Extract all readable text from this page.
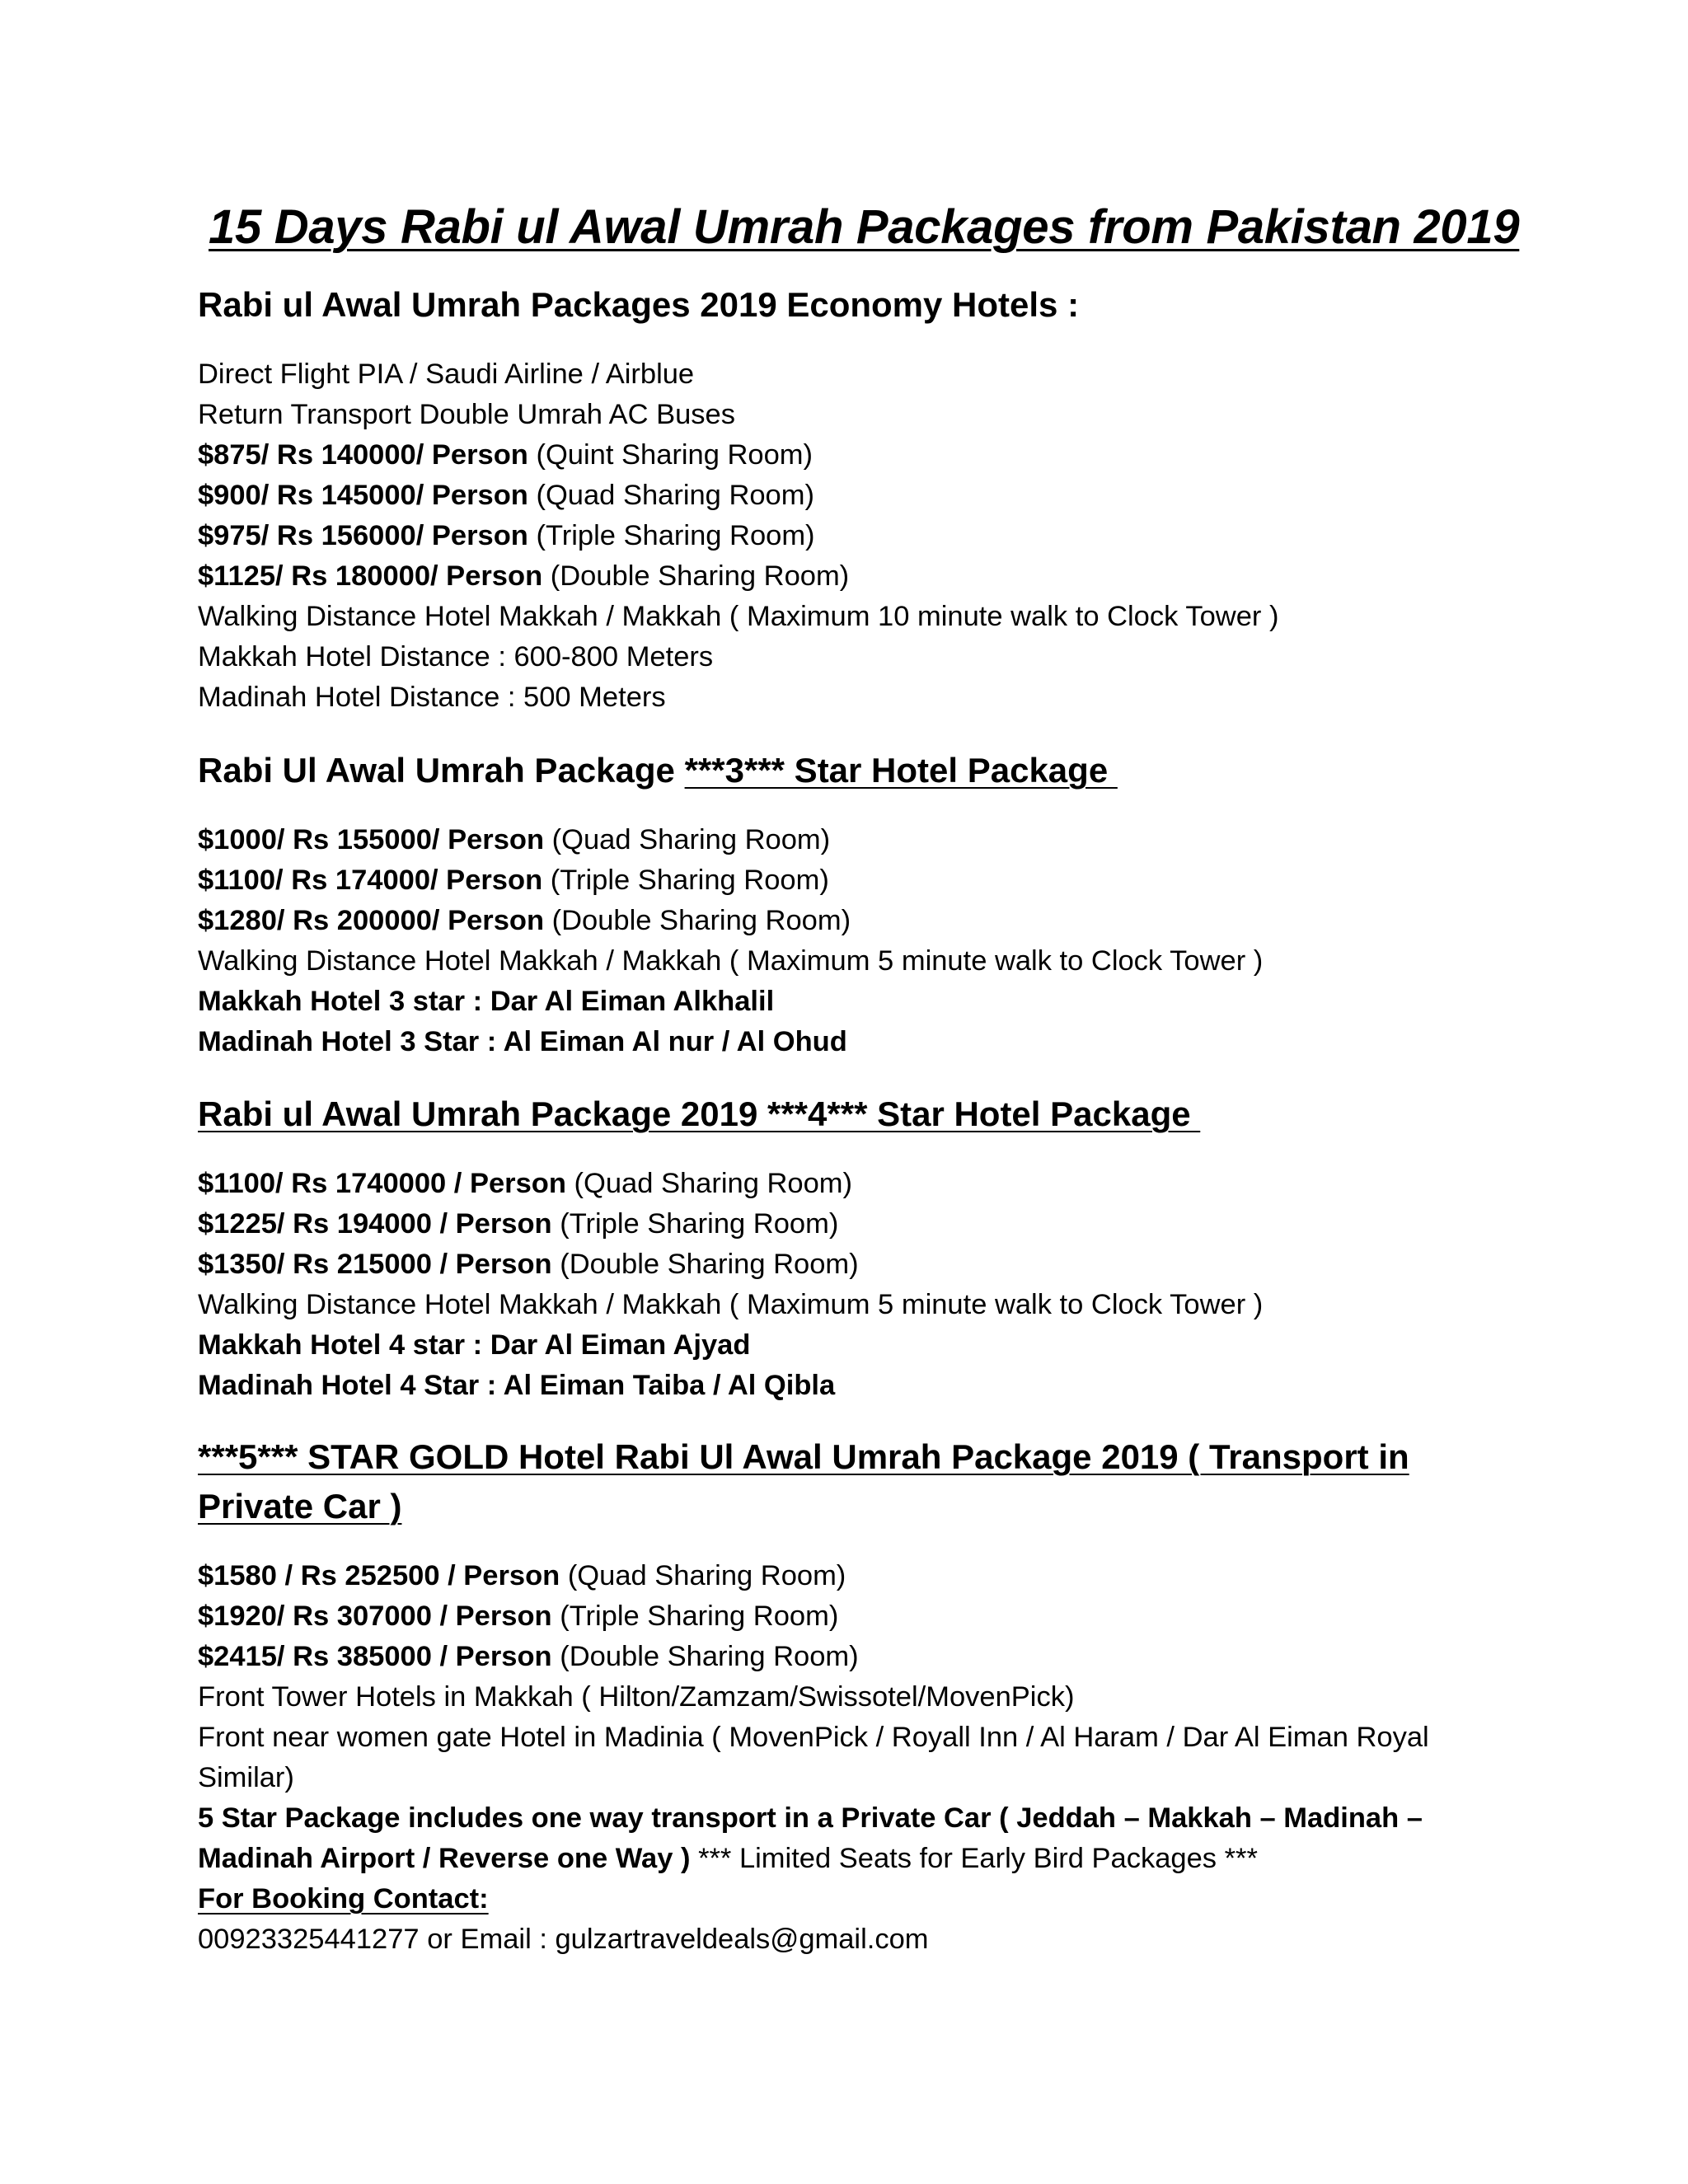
15 Days Rabi ul Awal Umrah Packages from Pakistan 2019

Rabi ul Awal Umrah Packages 2019 Economy Hotels :

Direct Flight PIA / Saudi Airline / Airblue

Return Transport Double Umrah AC Buses

$875/ Rs 140000/ Person (Quint Sharing Room)

$900/ Rs 145000/ Person (Quad Sharing Room)

$975/ Rs 156000/ Person (Triple Sharing Room)

$1125/ Rs 180000/ Person (Double Sharing Room)

Walking Distance Hotel Makkah / Makkah ( Maximum 10 minute walk to Clock Tower )

Makkah Hotel Distance : 600-800 Meters

Madinah Hotel Distance : 500 Meters

Rabi Ul Awal Umrah Package ***3*** Star Hotel Package

$1000/ Rs 155000/ Person (Quad Sharing Room)

$1100/ Rs 174000/ Person (Triple Sharing Room)

$1280/ Rs 200000/ Person (Double Sharing Room)

Walking Distance Hotel Makkah / Makkah ( Maximum 5 minute walk to Clock Tower )

Makkah Hotel 3 star : Dar Al Eiman Alkhalil

Madinah Hotel 3 Star : Al Eiman Al nur / Al Ohud

Rabi ul Awal Umrah Package 2019 ***4*** Star Hotel Package

$1100/ Rs 1740000 / Person (Quad Sharing Room)

$1225/ Rs 194000 / Person (Triple Sharing Room)

$1350/ Rs 215000 / Person (Double Sharing Room)

Walking Distance Hotel Makkah / Makkah ( Maximum 5 minute walk to Clock Tower )

Makkah Hotel 4 star : Dar Al Eiman Ajyad

Madinah Hotel 4 Star : Al Eiman Taiba / Al Qibla

***5*** STAR GOLD Hotel Rabi Ul Awal Umrah Package 2019 ( Transport in Private Car )

$1580 / Rs 252500 / Person (Quad Sharing Room)

$1920/ Rs 307000 / Person (Triple Sharing Room)

$2415/ Rs 385000 / Person (Double Sharing Room)

Front Tower Hotels in Makkah ( Hilton/Zamzam/Swissotel/MovenPick)

Front near women gate Hotel in Madinia ( MovenPick / Royall Inn / Al Haram / Dar Al Eiman Royal Similar)

5 Star Package includes one way transport in a Private Car ( Jeddah – Makkah – Madinah – Madinah Airport / Reverse one Way ) *** Limited Seats for Early Bird Packages ***

For Booking Contact:

00923325441277 or Email : gulzartraveldeals@gmail.com
